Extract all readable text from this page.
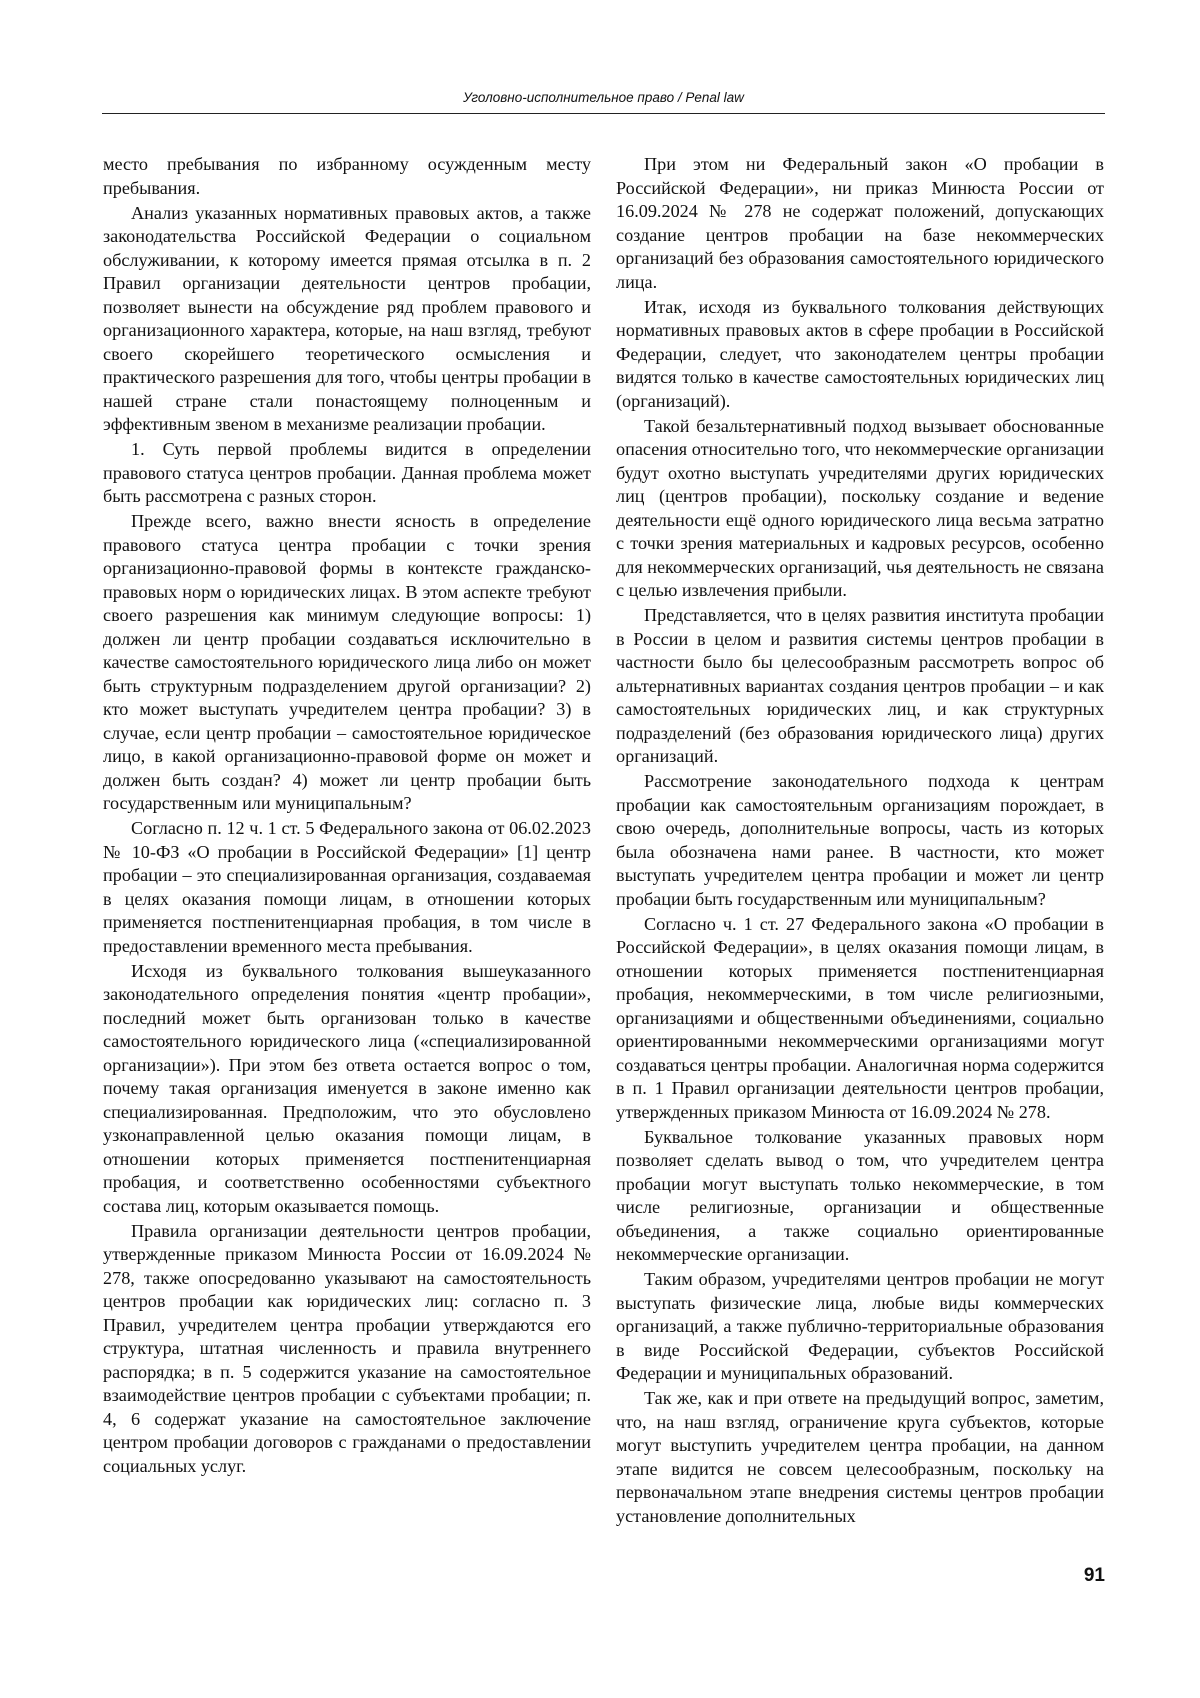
Уголовно-исполнительное право / Penal law

место пребывания по избранному осужденным месту пребывания.

Анализ указанных нормативных правовых актов, а также законодательства Российской Федерации о социальном обслуживании, к которому имеется прямая отсылка в п. 2 Правил организации деятельности центров пробации, позволяет вынести на обсуждение ряд проблем правового и организационного характера, которые, на наш взгляд, требуют своего скорейшего теоретического осмысления и практического разрешения для того, чтобы центры пробации в нашей стране стали понастоящему полноценным и эффективным звеном в механизме реализации пробации.

1. Суть первой проблемы видится в определении правового статуса центров пробации. Данная проблема может быть рассмотрена с разных сторон.

Прежде всего, важно внести ясность в определение правового статуса центра пробации с точки зрения организационно-правовой формы в контексте гражданско-правовых норм о юридических лицах. В этом аспекте требуют своего разрешения как минимум следующие вопросы: 1) должен ли центр пробации создаваться исключительно в качестве самостоятельного юридического лица либо он может быть структурным подразделением другой организации? 2) кто может выступать учредителем центра пробации? 3) в случае, если центр пробации – самостоятельное юридическое лицо, в какой организационно-правовой форме он может и должен быть создан? 4) может ли центр пробации быть государственным или муниципальным?

Согласно п. 12 ч. 1 ст. 5 Федерального закона от 06.02.2023 № 10-ФЗ «О пробации в Российской Федерации» [1] центр пробации – это специализированная организация, создаваемая в целях оказания помощи лицам, в отношении которых применяется постпенитенциарная пробация, в том числе в предоставлении временного места пребывания.

Исходя из буквального толкования вышеуказанного законодательного определения понятия «центр пробации», последний может быть организован только в качестве самостоятельного юридического лица («специализированной организации»). При этом без ответа остается вопрос о том, почему такая организация именуется в законе именно как специализированная. Предположим, что это обусловлено узконаправленной целью оказания помощи лицам, в отношении которых применяется постпенитенциарная пробация, и соответственно особенностями субъектного состава лиц, которым оказывается помощь.

Правила организации деятельности центров пробации, утвержденные приказом Минюста России от 16.09.2024 № 278, также опосредованно указывают на самостоятельность центров пробации как юридических лиц: согласно п. 3 Правил, учредителем центра пробации утверждаются его структура, штатная численность и правила внутреннего распорядка; в п. 5 содержится указание на самостоятельное взаимодействие центров пробации с субъектами пробации; п. 4, 6 содержат указание на самостоятельное заключение центром пробации договоров с гражданами о предоставлении социальных услуг.

При этом ни Федеральный закон «О пробации в Российской Федерации», ни приказ Минюста России от 16.09.2024 № 278 не содержат положений, допускающих создание центров пробации на базе некоммерческих организаций без образования самостоятельного юридического лица.

Итак, исходя из буквального толкования действующих нормативных правовых актов в сфере пробации в Российской Федерации, следует, что законодателем центры пробации видятся только в качестве самостоятельных юридических лиц (организаций).

Такой безальтернативный подход вызывает обоснованные опасения относительно того, что некоммерческие организации будут охотно выступать учредителями других юридических лиц (центров пробации), поскольку создание и ведение деятельности ещё одного юридического лица весьма затратно с точки зрения материальных и кадровых ресурсов, особенно для некоммерческих организаций, чья деятельность не связана с целью извлечения прибыли.

Представляется, что в целях развития института пробации в России в целом и развития системы центров пробации в частности было бы целесообразным рассмотреть вопрос об альтернативных вариантах создания центров пробации – и как самостоятельных юридических лиц, и как структурных подразделений (без образования юридического лица) других организаций.

Рассмотрение законодательного подхода к центрам пробации как самостоятельным организациям порождает, в свою очередь, дополнительные вопросы, часть из которых была обозначена нами ранее. В частности, кто может выступать учредителем центра пробации и может ли центр пробации быть государственным или муниципальным?

Согласно ч. 1 ст. 27 Федерального закона «О пробации в Российской Федерации», в целях оказания помощи лицам, в отношении которых применяется постпенитенциарная пробация, некоммерческими, в том числе религиозными, организациями и общественными объединениями, социально ориентированными некоммерческими организациями могут создаваться центры пробации. Аналогичная норма содержится в п. 1 Правил организации деятельности центров пробации, утвержденных приказом Минюста от 16.09.2024 № 278.

Буквальное толкование указанных правовых норм позволяет сделать вывод о том, что учредителем центра пробации могут выступать только некоммерческие, в том числе религиозные, организации и общественные объединения, а также социально ориентированные некоммерческие организации.

Таким образом, учредителями центров пробации не могут выступать физические лица, любые виды коммерческих организаций, а также публично-территориальные образования в виде Российской Федерации, субъектов Российской Федерации и муниципальных образований.

Так же, как и при ответе на предыдущий вопрос, заметим, что, на наш взгляд, ограничение круга субъектов, которые могут выступить учредителем центра пробации, на данном этапе видится не совсем целесообразным, поскольку на первоначальном этапе внедрения системы центров пробации установление дополнительных

91
